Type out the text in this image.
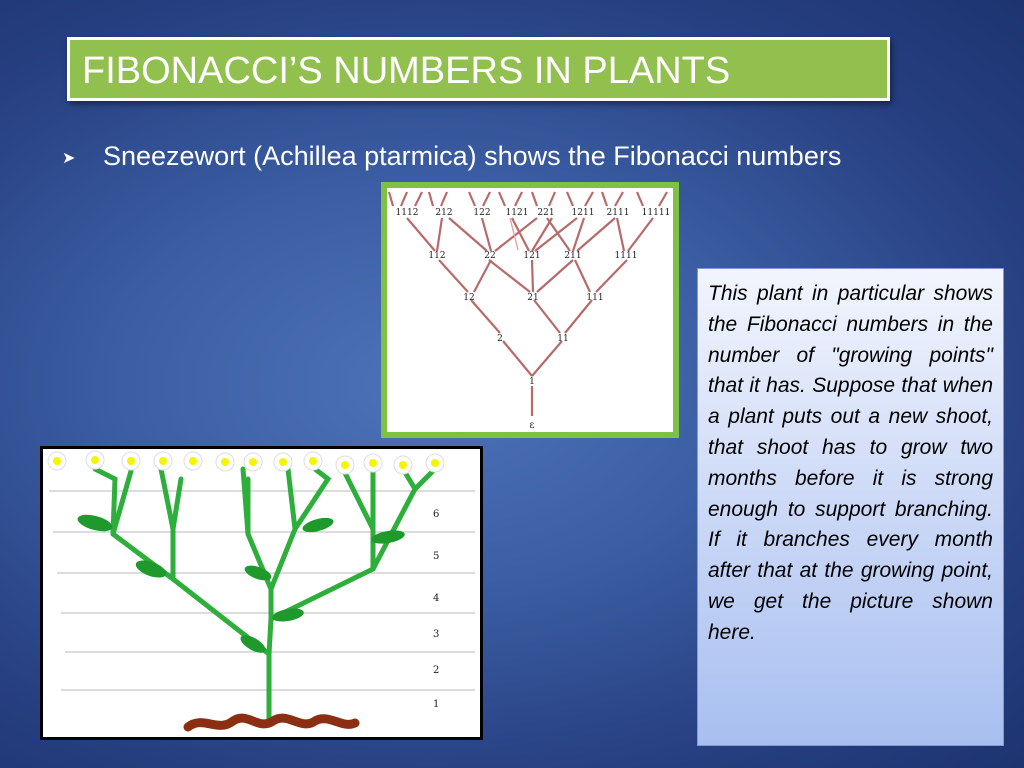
FIBONACCI’S NUMBERS IN PLANTS
➤ Sneezewort (Achillea ptarmica) shows the Fibonacci numbers
ε
1
2	11
12	21	111
112	22	121	211	1111
1112 212 122 1121 221 1211 2111 11111
6
5
4
3
2
1
This plant in particular shows the Fibonacci numbers in the number of "growing points" that it has. Suppose that when a plant puts out a new shoot, that shoot has to grow two months before it is strong enough to support branching. If it branches every month after that at the growing point, we get the picture shown here.
